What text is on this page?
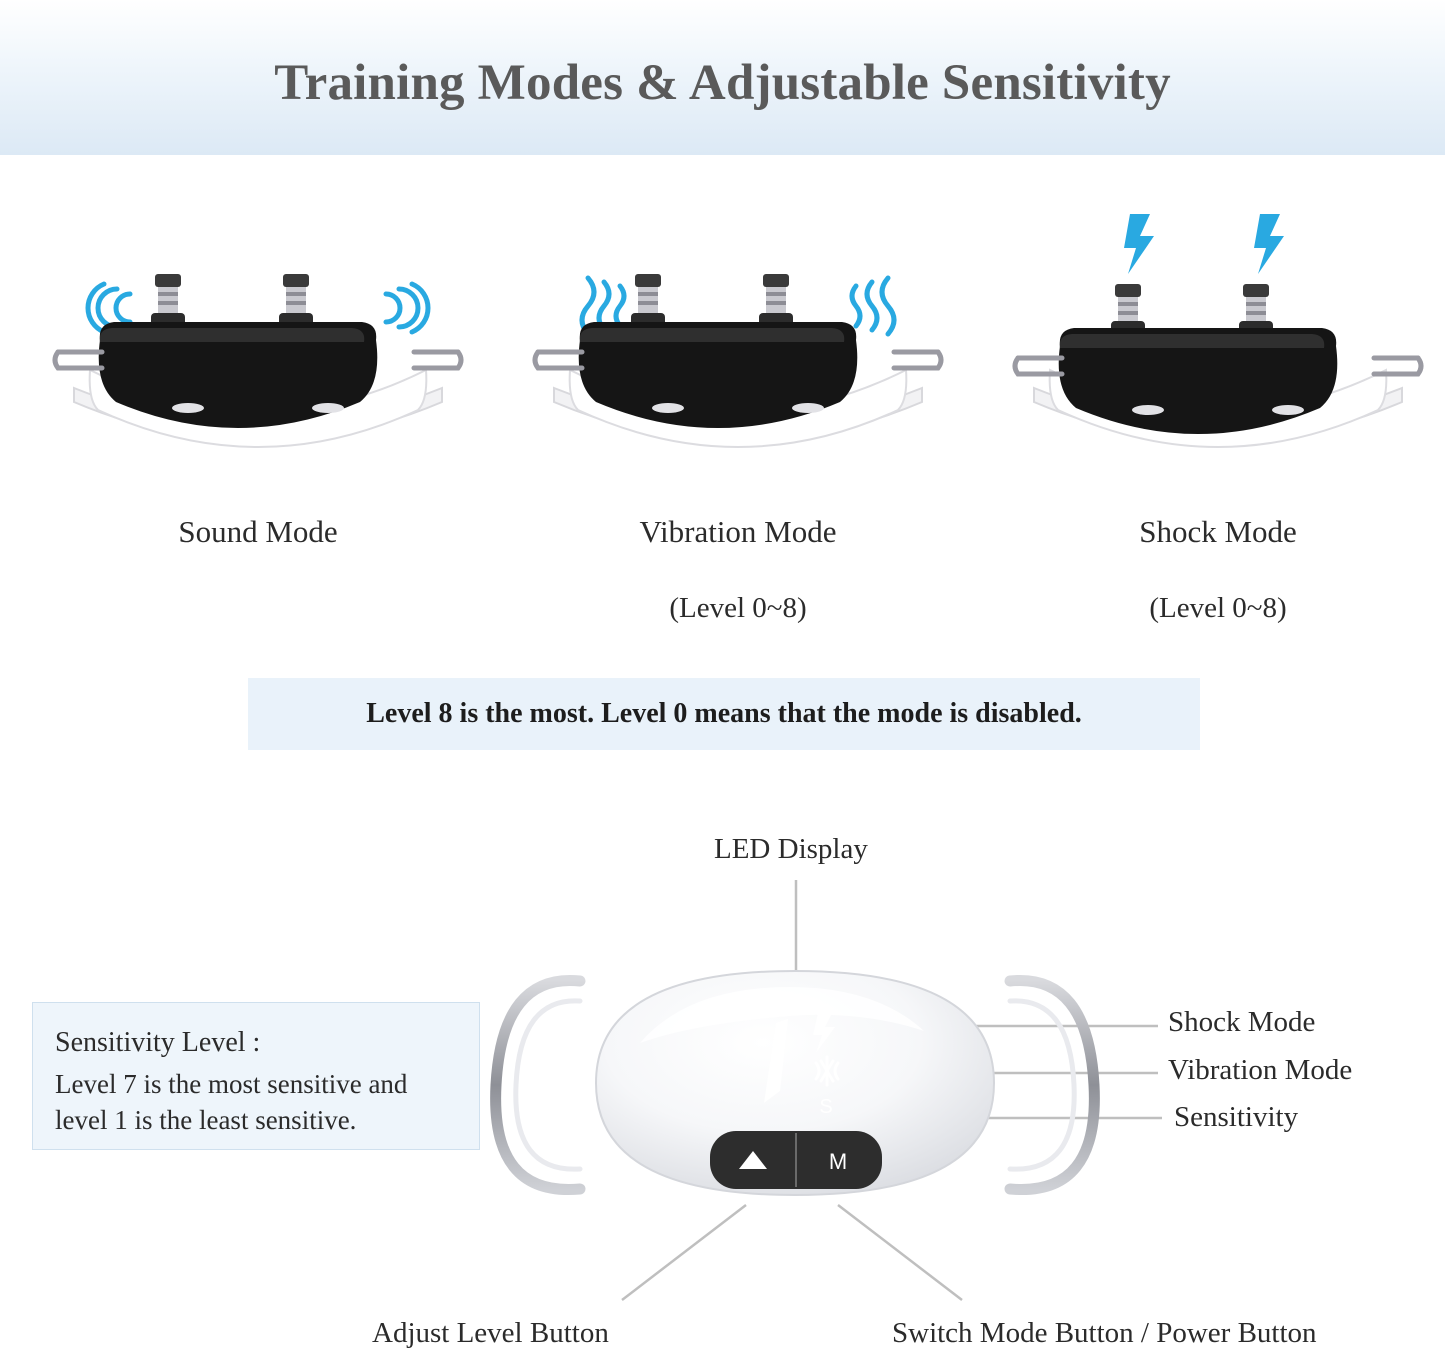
Training Modes & Adjustable Sensitivity
Sound Mode	Vibration Mode
(Level 0~8)
Shock Mode
(Level 0~8)
Level 8 is the most. Level 0 means that the mode is disabled.
S
M
LED Display
Shock Mode
Vibration Mode
Sensitivity
Adjust Level Button	Switch Mode Button / Power Button
Sensitivity Level :
Level 7 is the most sensitive and level 1 is the least sensitive.
